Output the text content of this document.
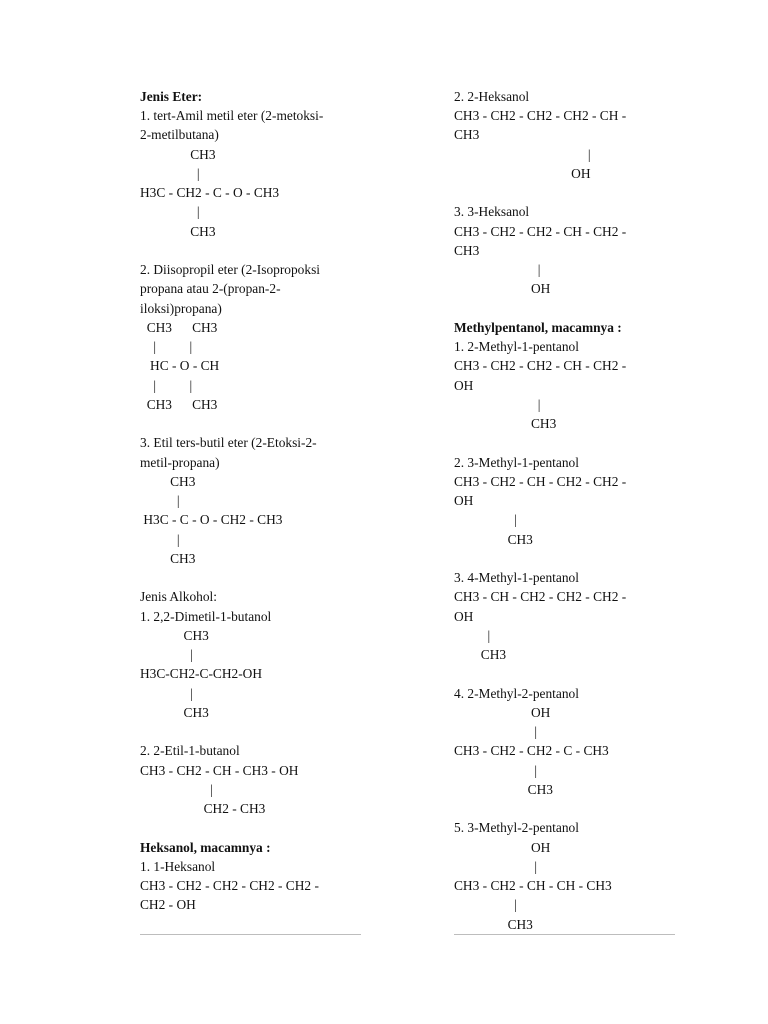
Jenis Eter:
1. tert-Amil metil eter (2-metoksi-
2-metilbutana)
CH3
|
H3C - CH2 - C - O - CH3
|
CH3
2. Diisopropil eter (2-Isopropoksi
propana atau 2-(propan-2-
iloksi)propana)
CH3      CH3
|          |
HC - O - CH
|          |
CH3      CH3
3. Etil ters-butil eter (2-Etoksi-2-
metil-propana)
CH3
|
H3C - C - O - CH2 - CH3
|
CH3
Jenis Alkohol:
1. 2,2-Dimetil-1-butanol
CH3
|
H3C-CH2-C-CH2-OH
|
CH3
2. 2-Etil-1-butanol
CH3 - CH2 - CH - CH3 - OH
|
CH2 - CH3
Heksanol, macamnya :
1. 1-Heksanol
CH3 - CH2 - CH2 - CH2 - CH2 -
CH2 - OH
2. 2-Heksanol
CH3 - CH2 - CH2 - CH2 - CH -
CH3
|
OH
3. 3-Heksanol
CH3 - CH2 - CH2 - CH - CH2 -
CH3
|
OH
Methylpentanol, macamnya :
1. 2-Methyl-1-pentanol
CH3 - CH2 - CH2 - CH - CH2 -
OH
|
CH3
2. 3-Methyl-1-pentanol
CH3 - CH2 - CH - CH2 - CH2 -
OH
|
CH3
3. 4-Methyl-1-pentanol
CH3 - CH - CH2 - CH2 - CH2 -
OH
|
CH3
4. 2-Methyl-2-pentanol
OH
|
CH3 - CH2 - CH2 - C - CH3
|
CH3
5. 3-Methyl-2-pentanol
OH
|
CH3 - CH2 - CH - CH - CH3
|
CH3
